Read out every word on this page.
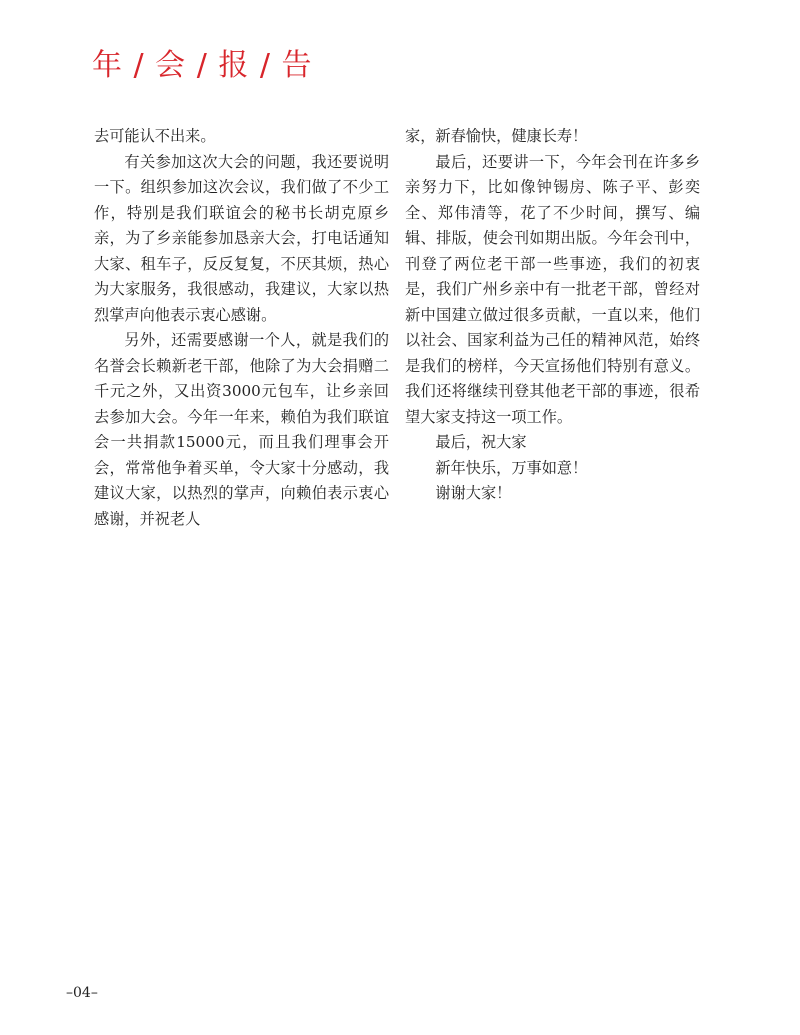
年 / 会 / 报 / 告

去可能认不出来。

有关参加这次大会的问题，我还要说明一下。组织参加这次会议，我们做了不少工作，特别是我们联谊会的秘书长胡克原乡亲，为了乡亲能参加恳亲大会，打电话通知大家、租车子，反反复复，不厌其烦，热心为大家服务，我很感动，我建议，大家以热烈掌声向他表示衷心感谢。

另外，还需要感谢一个人，就是我们的名誉会长赖新老干部，他除了为大会捐赠二千元之外，又出资3000元包车，让乡亲回去参加大会。今年一年来，赖伯为我们联谊会一共捐款15000元，而且我们理事会开会，常常他争着买单，令大家十分感动，我建议大家，以热烈的掌声，向赖伯表示衷心感谢，并祝老人

家，新春愉快，健康长寿！

最后，还要讲一下，今年会刊在许多乡亲努力下，比如像钟锡房、陈子平、彭奕全、郑伟清等，花了不少时间，撰写、编辑、排版，使会刊如期出版。今年会刊中，刊登了两位老干部一些事迹，我们的初衷是，我们广州乡亲中有一批老干部，曾经对新中国建立做过很多贡献，一直以来，他们以社会、国家利益为己任的精神风范，始终是我们的榜样，今天宣扬他们特别有意义。我们还将继续刊登其他老干部的事迹，很希望大家支持这一项工作。

最后，祝大家

新年快乐，万事如意！

谢谢大家！

–04–
